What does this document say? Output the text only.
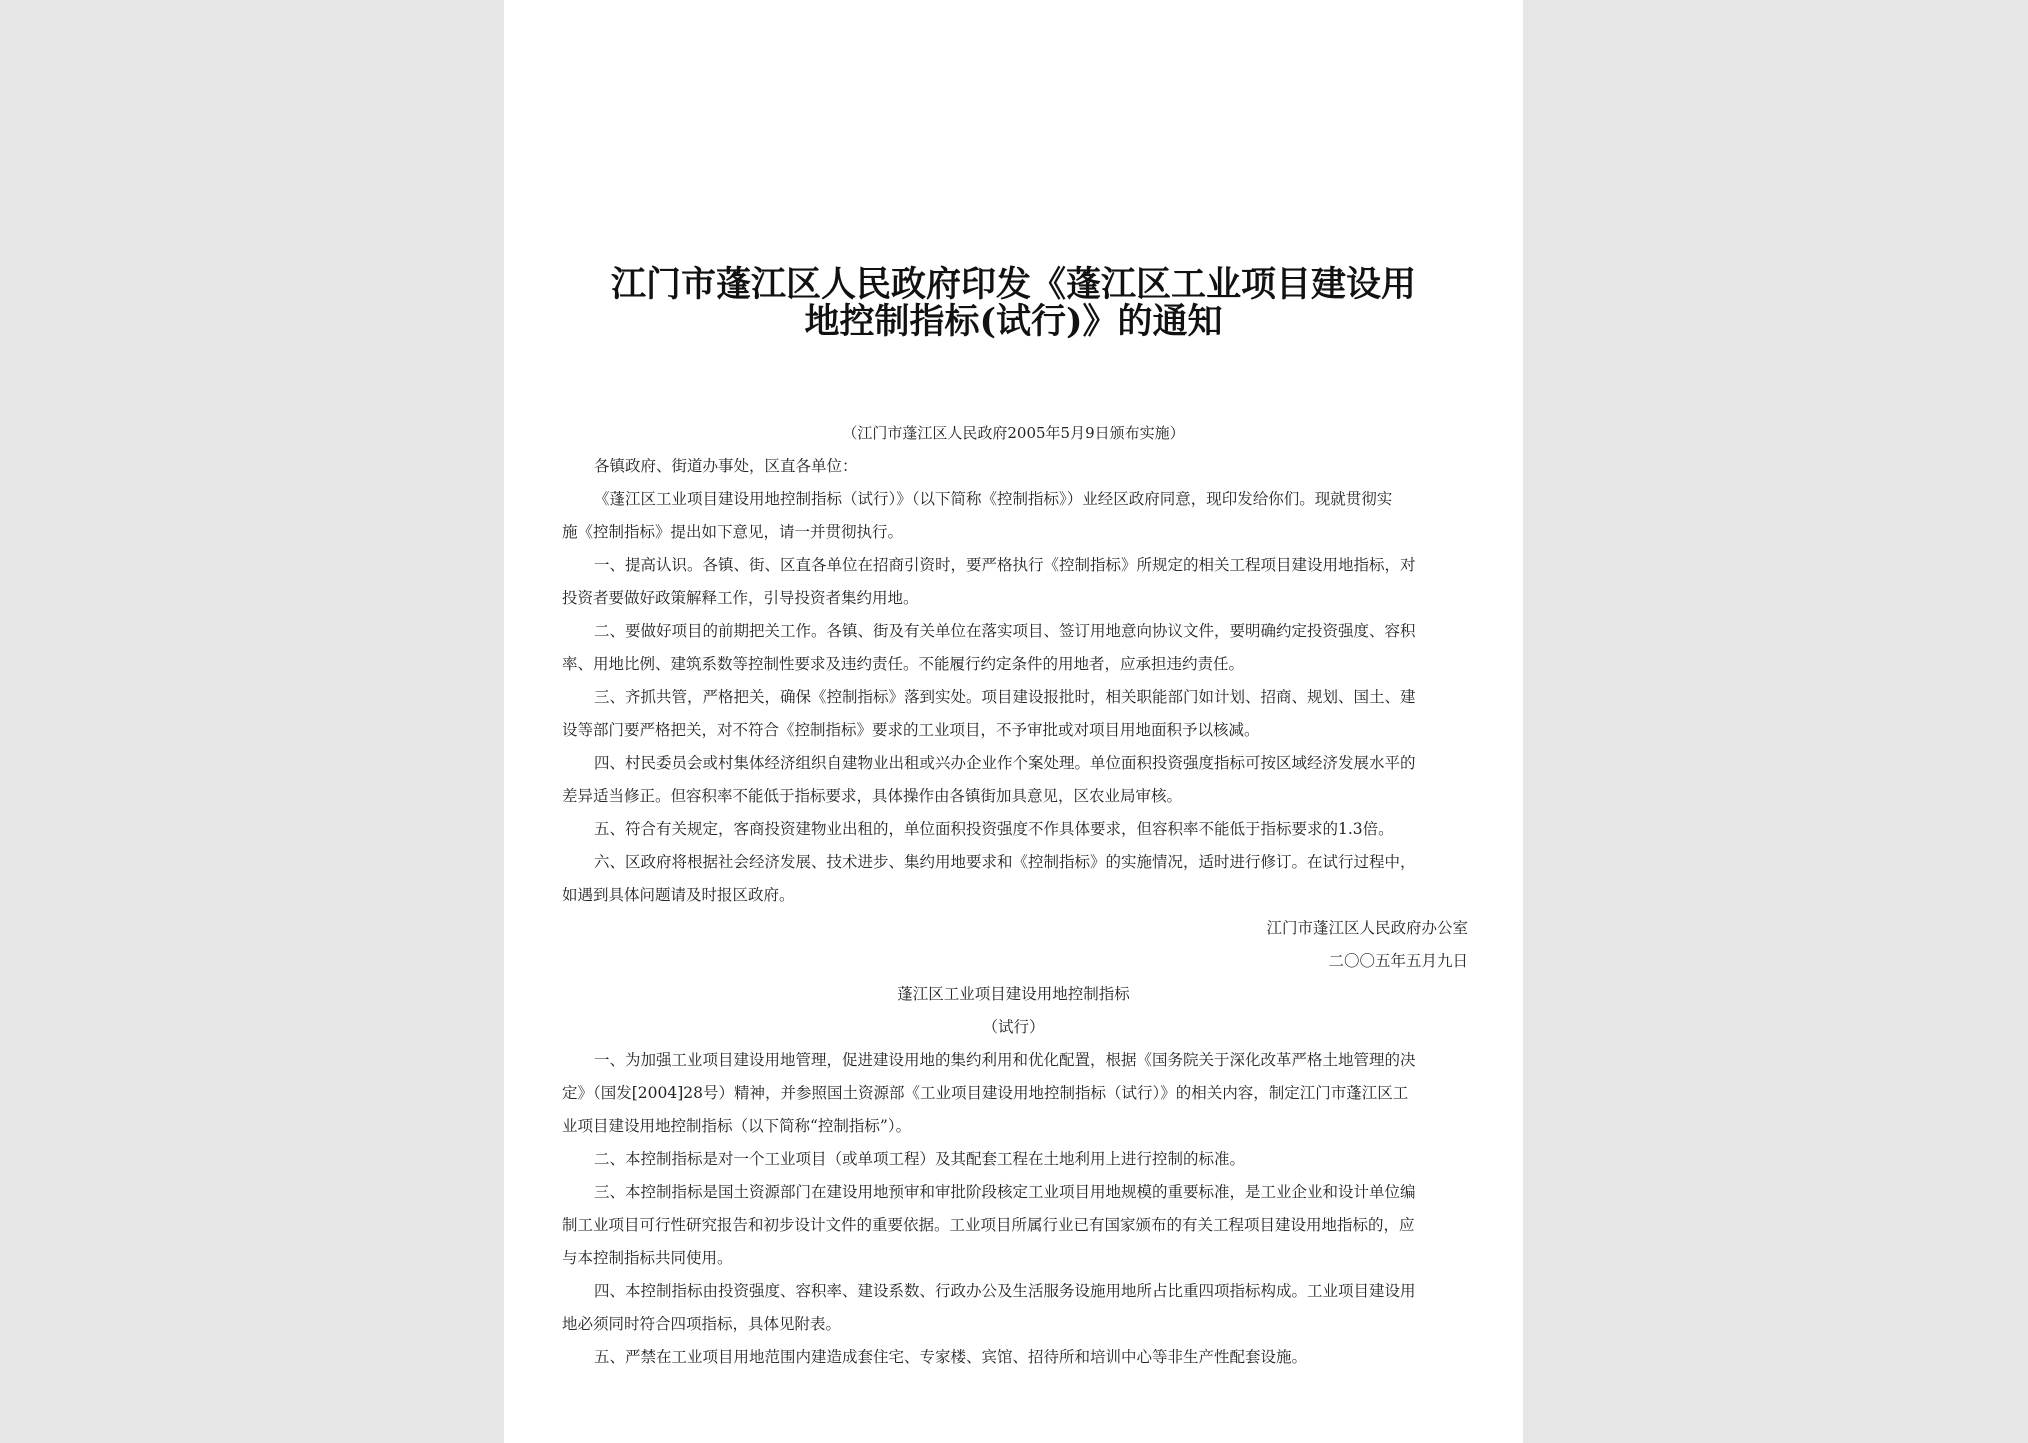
江门市蓬江区人民政府印发《蓬江区工业项目建设用
地控制指标(试行)》的通知
（江门市蓬江区人民政府2005年5月9日颁布实施）
各镇政府、街道办事处，区直各单位：
《蓬江区工业项目建设用地控制指标（试行）》（以下简称《控制指标》）业经区政府同意，现印发给你们。现就贯彻实
施《控制指标》提出如下意见，请一并贯彻执行。
一、提高认识。各镇、街、区直各单位在招商引资时，要严格执行《控制指标》所规定的相关工程项目建设用地指标，对
投资者要做好政策解释工作，引导投资者集约用地。
二、要做好项目的前期把关工作。各镇、街及有关单位在落实项目、签订用地意向协议文件，要明确约定投资强度、容积
率、用地比例、建筑系数等控制性要求及违约责任。不能履行约定条件的用地者，应承担违约责任。
三、齐抓共管，严格把关，确保《控制指标》落到实处。项目建设报批时，相关职能部门如计划、招商、规划、国土、建
设等部门要严格把关，对不符合《控制指标》要求的工业项目，不予审批或对项目用地面积予以核减。
四、村民委员会或村集体经济组织自建物业出租或兴办企业作个案处理。单位面积投资强度指标可按区域经济发展水平的
差异适当修正。但容积率不能低于指标要求，具体操作由各镇街加具意见，区农业局审核。
五、符合有关规定，客商投资建物业出租的，单位面积投资强度不作具体要求，但容积率不能低于指标要求的1.3倍。
六、区政府将根据社会经济发展、技术进步、集约用地要求和《控制指标》的实施情况，适时进行修订。在试行过程中，
如遇到具体问题请及时报区政府。
江门市蓬江区人民政府办公室
二〇〇五年五月九日
蓬江区工业项目建设用地控制指标
（试行）
一、为加强工业项目建设用地管理，促进建设用地的集约利用和优化配置，根据《国务院关于深化改革严格土地管理的决
定》（国发[2004]28号）精神，并参照国土资源部《工业项目建设用地控制指标（试行）》的相关内容，制定江门市蓬江区工
业项目建设用地控制指标（以下简称“控制指标”）。
二、本控制指标是对一个工业项目（或单项工程）及其配套工程在土地利用上进行控制的标准。
三、本控制指标是国土资源部门在建设用地预审和审批阶段核定工业项目用地规模的重要标准，是工业企业和设计单位编
制工业项目可行性研究报告和初步设计文件的重要依据。工业项目所属行业已有国家颁布的有关工程项目建设用地指标的，应
与本控制指标共同使用。
四、本控制指标由投资强度、容积率、建设系数、行政办公及生活服务设施用地所占比重四项指标构成。工业项目建设用
地必须同时符合四项指标，具体见附表。
五、严禁在工业项目用地范围内建造成套住宅、专家楼、宾馆、招待所和培训中心等非生产性配套设施。
